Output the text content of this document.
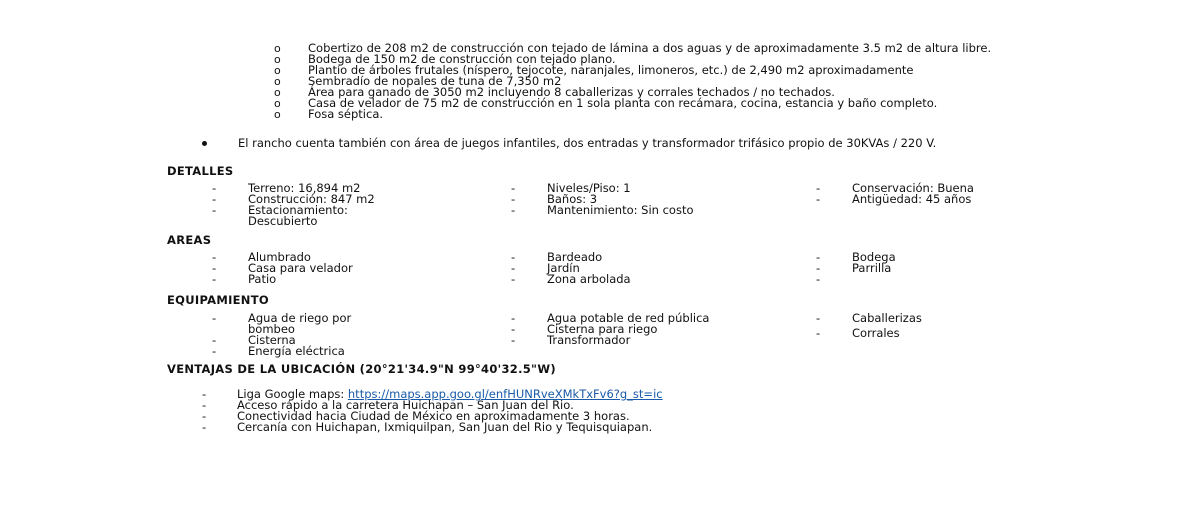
o Cobertizo de 208 m2 de construcción con tejado de lámina a dos aguas y de aproximadamente 3.5 m2 de altura libre.
o Bodega de 150 m2 de construcción con tejado plano.
o Plantío de árboles frutales (níspero, tejocote, naranjales, limoneros, etc.) de 2,490 m2 aproximadamente
o Sembradío de nopales de tuna de 7,350 m2
o Área para ganado de 3050 m2 incluyendo 8 caballerizas y corrales techados / no techados.
o Casa de velador de 75 m2 de construcción en 1 sola planta con recámara, cocina, estancia y baño completo.
o Fosa séptica.
El rancho cuenta también con área de juegos infantiles, dos entradas y transformador trifásico propio de 30KVAs / 220 V.
DETALLES
-	Terreno: 16,894 m2
-	Construcción: 847 m2
-	Estacionamiento: Descubierto
-	Niveles/Piso: 1
-	Baños: 3
-	Mantenimiento: Sin costo
-	Conservación: Buena
-	Antigüedad: 45 años
AREAS
-	Alumbrado
-	Casa para velador
-	Patio
-	Bardeado
-	Jardín
-	Zona arbolada
-	Bodega
-	Parrilla
-
EQUIPAMIENTO
-	Agua de riego por bombeo
-	Cisterna
-	Energía eléctrica
-	Agua potable de red pública
-	Cisterna para riego
-	Transformador
-	Caballerizas
-	Corrales
VENTAJAS DE LA UBICACIÓN (20°21'34.9"N 99°40'32.5"W)
-	Liga Google maps: https://maps.app.goo.gl/enfHUNRveXMkTxFv6?g_st=ic
-	Acceso rápido a la carretera Huichapan – San Juan del Rio.
-	Conectividad hacia Ciudad de México en aproximadamente 3 horas.
-	Cercanía con Huichapan, Ixmiquilpan, San Juan del Rio y Tequisquiapan.
